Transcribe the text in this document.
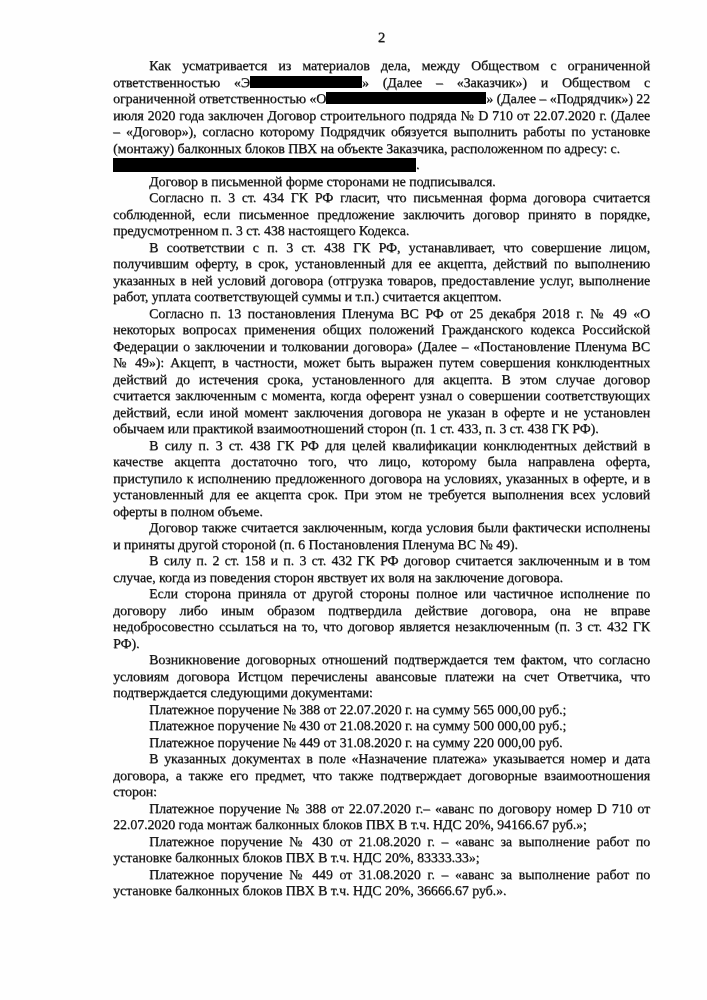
2

Как усматривается из материалов дела, между Обществом с ограниченной ответственностью «Э	» (Далее – «Заказчик») и Обществом с ограниченной ответственностью «О	» (Далее – «Подрядчик») 22 июля 2020 года заключен Договор строительного подряда № D 710 от 22.07.2020 г. (Далее – «Договор»), согласно которому Подрядчик обязуется выполнить работы по установке (монтажу) балконных блоков ПВХ на объекте Заказчика, расположенном по адресу: с.
.

Договор в письменной форме сторонами не подписывался.

Согласно п. 3 ст. 434 ГК РФ гласит, что письменная форма договора считается соблюденной, если письменное предложение заключить договор принято в порядке, предусмотренном п. 3 ст. 438 настоящего Кодекса.

В соответствии с п. 3 ст. 438 ГК РФ, устанавливает, что совершение лицом, получившим оферту, в срок, установленный для ее акцепта, действий по выполнению указанных в ней условий договора (отгрузка товаров, предоставление услуг, выполнение работ, уплата соответствующей суммы и т.п.) считается акцептом.

Согласно п. 13 постановления Пленума ВС РФ от 25 декабря 2018 г. № 49 «О некоторых вопросах применения общих положений Гражданского кодекса Российской Федерации о заключении и толковании договора» (Далее – «Постановление Пленума ВС № 49»): Акцепт, в частности, может быть выражен путем совершения конклюдентных действий до истечения срока, установленного для акцепта. В этом случае договор считается заключенным с момента, когда оферент узнал о совершении соответствующих действий, если иной момент заключения договора не указан в оферте и не установлен обычаем или практикой взаимоотношений сторон (п. 1 ст. 433, п. 3 ст. 438 ГК РФ).

В силу п. 3 ст. 438 ГК РФ для целей квалификации конклюдентных действий в качестве акцепта достаточно того, что лицо, которому была направлена оферта, приступило к исполнению предложенного договора на условиях, указанных в оферте, и в установленный для ее акцепта срок. При этом не требуется выполнения всех условий оферты в полном объеме.

Договор также считается заключенным, когда условия были фактически исполнены и приняты другой стороной (п. 6 Постановления Пленума ВС № 49).

В силу п. 2 ст. 158 и п. 3 ст. 432 ГК РФ договор считается заключенным и в том случае, когда из поведения сторон явствует их воля на заключение договора.

Если сторона приняла от другой стороны полное или частичное исполнение по договору либо иным образом подтвердила действие договора, она не вправе недобросовестно ссылаться на то, что договор является незаключенным (п. 3 ст. 432 ГК РФ).

Возникновение договорных отношений подтверждается тем фактом, что согласно условиям договора Истцом перечислены авансовые платежи на счет Ответчика, что подтверждается следующими документами:

Платежное поручение № 388 от 22.07.2020 г. на сумму 565 000,00 руб.;

Платежное поручение № 430 от 21.08.2020 г. на сумму 500 000,00 руб.;

Платежное поручение № 449 от 31.08.2020 г. на сумму 220 000,00 руб.

В указанных документах в поле «Назначение платежа» указывается номер и дата договора, а также его предмет, что также подтверждает договорные взаимоотношения сторон:

Платежное поручение № 388 от 22.07.2020 г.– «аванс по договору номер D 710 от 22.07.2020 года монтаж балконных блоков ПВХ В т.ч. НДС 20%, 94166.67 руб.»;

Платежное поручение № 430 от 21.08.2020 г. – «аванс за выполнение работ по установке балконных блоков ПВХ В т.ч. НДС 20%, 83333.33»;

Платежное поручение № 449 от 31.08.2020 г. – «аванс за выполнение работ по установке балконных блоков ПВХ В т.ч. НДС 20%, 36666.67 руб.».
